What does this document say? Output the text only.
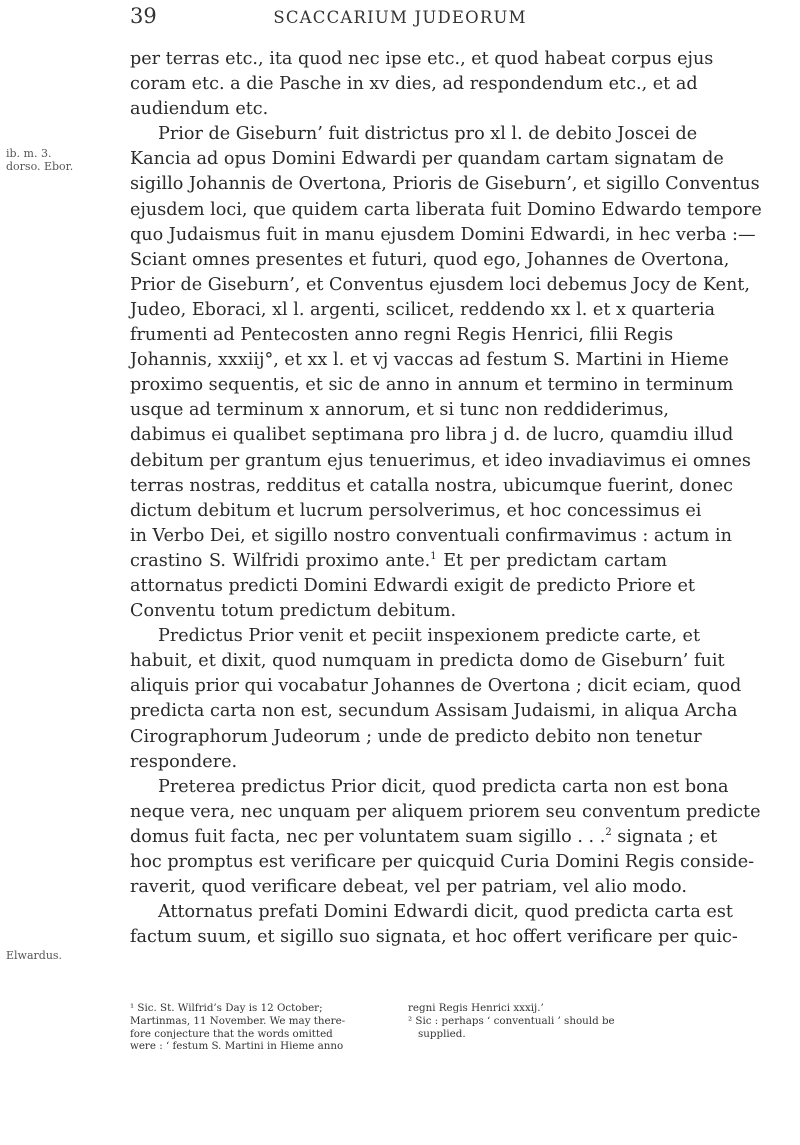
39	SCACCARIUM JUDEORUM
ib. m. 3.
dorso. Ebor.
Elwardus.
per terras etc., ita quod nec ipse etc., et quod habeat corpus ejus
coram etc. a die Pasche in xv dies, ad respondendum etc., et ad
audiendum etc.
Prior de Giseburn’ fuit districtus pro xl l. de debito Joscei de
Kancia ad opus Domini Edwardi per quandam cartam signatam de
sigillo Johannis de Overtona, Prioris de Giseburn’, et sigillo Conventus
ejusdem loci, que quidem carta liberata fuit Domino Edwardo tempore
quo Judaismus fuit in manu ejusdem Domini Edwardi, in hec verba :—
Sciant omnes presentes et futuri, quod ego, Johannes de Overtona,
Prior de Giseburn’, et Conventus ejusdem loci debemus Jocy de Kent,
Judeo, Eboraci, xl l. argenti, scilicet, reddendo xx l. et x quarteria
frumenti ad Pentecosten anno regni Regis Henrici, filii Regis
Johannis, xxxiij°, et xx l. et vj vaccas ad festum S. Martini in Hieme
proximo sequentis, et sic de anno in annum et termino in terminum
usque ad terminum x annorum, et si tunc non reddiderimus,
dabimus ei qualibet septimana pro libra j d. de lucro, quamdiu illud
debitum per grantum ejus tenuerimus, et ideo invadiavimus ei omnes
terras nostras, redditus et catalla nostra, ubicumque fuerint, donec
dictum debitum et lucrum persolverimus, et hoc concessimus ei
in Verbo Dei, et sigillo nostro conventuali confirmavimus : actum in
crastino S. Wilfridi proximo ante.$^1$ Et per predictam cartam
attornatus predicti Domini Edwardi exigit de predicto Priore et
Conventu totum predictum debitum.
Predictus Prior venit et peciit inspexionem predicte carte, et
habuit, et dixit, quod numquam in predicta domo de Giseburn’ fuit
aliquis prior qui vocabatur Johannes de Overtona ; dicit eciam, quod
predicta carta non est, secundum Assisam Judaismi, in aliqua Archa
Cirographorum Judeorum ; unde de predicto debito non tenetur
respondere.
Preterea predictus Prior dicit, quod predicta carta non est bona
neque vera, nec unquam per aliquem priorem seu conventum predicte
domus fuit facta, nec per voluntatem suam sigillo . . .$^2$ signata ; et
hoc promptus est verificare per quicquid Curia Domini Regis conside-
raverit, quod verificare debeat, vel per patriam, vel alio modo.
Attornatus prefati Domini Edwardi dicit, quod predicta carta est
factum suum, et sigillo suo signata, et hoc offert verificare per quic-
¹ Sic. St. Wilfrid’s Day is 12 October;
Martinmas, 11 November. We may there-
fore conjecture that the words omitted
were : ‘ festum S. Martini in Hieme anno
regni Regis Henrici xxxij.’
² Sic : perhaps ‘ conventuali ’ should be
supplied.
